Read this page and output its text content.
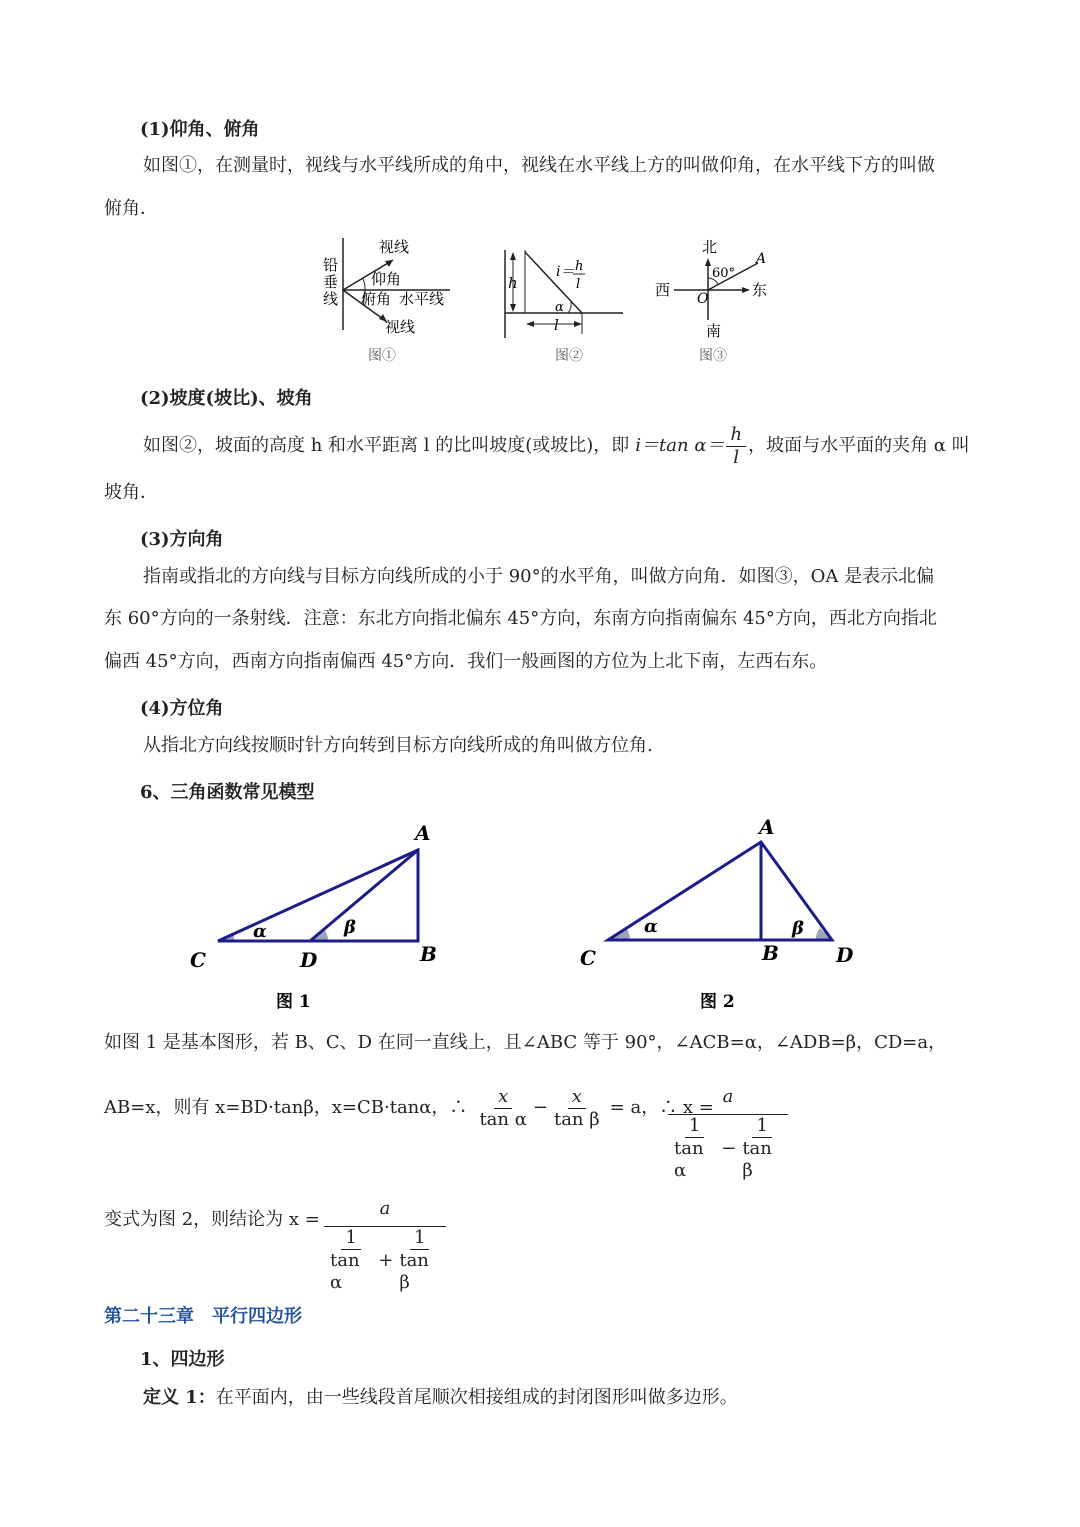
(1)仰角、俯角
如图①，在测量时，视线与水平线所成的角中，视线在水平线上方的叫做仰角，在水平线下方的叫做
俯角．
铅
垂
线
视线
仰角
俯角 水平线
视线
图①
h
l
α
i＝ h
l
图②
北
南
西	东
60°
A
O
图③
(2)坡度(坡比)、坡角
如图②，坡面的高度 h 和水平距离 l 的比叫坡度(或坡比)，即 i＝tan $\alpha= \frac{h}{l}$ ，坡面与水平面的夹角 α 叫
坡角．
(3)方向角
指南或指北的方向线与目标方向线所成的小于 90°的水平角，叫做方向角．如图③，OA 是表示北偏
东 60°方向的一条射线．注意：东北方向指北偏东 45°方向，东南方向指南偏东 45°方向，西北方向指北
偏西 45°方向，西南方向指南偏西 45°方向．我们一般画图的方位为上北下南，左西右东。
(4)方位角
从指北方向线按顺时针方向转到目标方向线所成的角叫做方位角.
6、三角函数常见模型
A
B
C	D
α	β
图 1
A
B
C	D
α	β
图 2
如图 1 是基本图形，若 B、C、D 在同一直线上，且∠ABC 等于 90°，∠ACB=α，∠ADB=β，CD=a，
AB=x，则有 x=BD·tanβ，x=CB·tanα，∴ $\frac{x}{\text{tan α}} - \frac{x}{\text{tan β}} = a$，∴ x =
$\frac{a}{\frac{1}{\text{tan α}} - \frac{1}{\text{tan β}}}$
变式为图 2，则结论为 $x = \frac{a}{\frac{1}{\text{tan α}} + \frac{1}{\text{tan β}}}$
第二十三章　平行四边形
1、四边形
定义 1：在平面内，由一些线段首尾顺次相接组成的封闭图形叫做多边形。
